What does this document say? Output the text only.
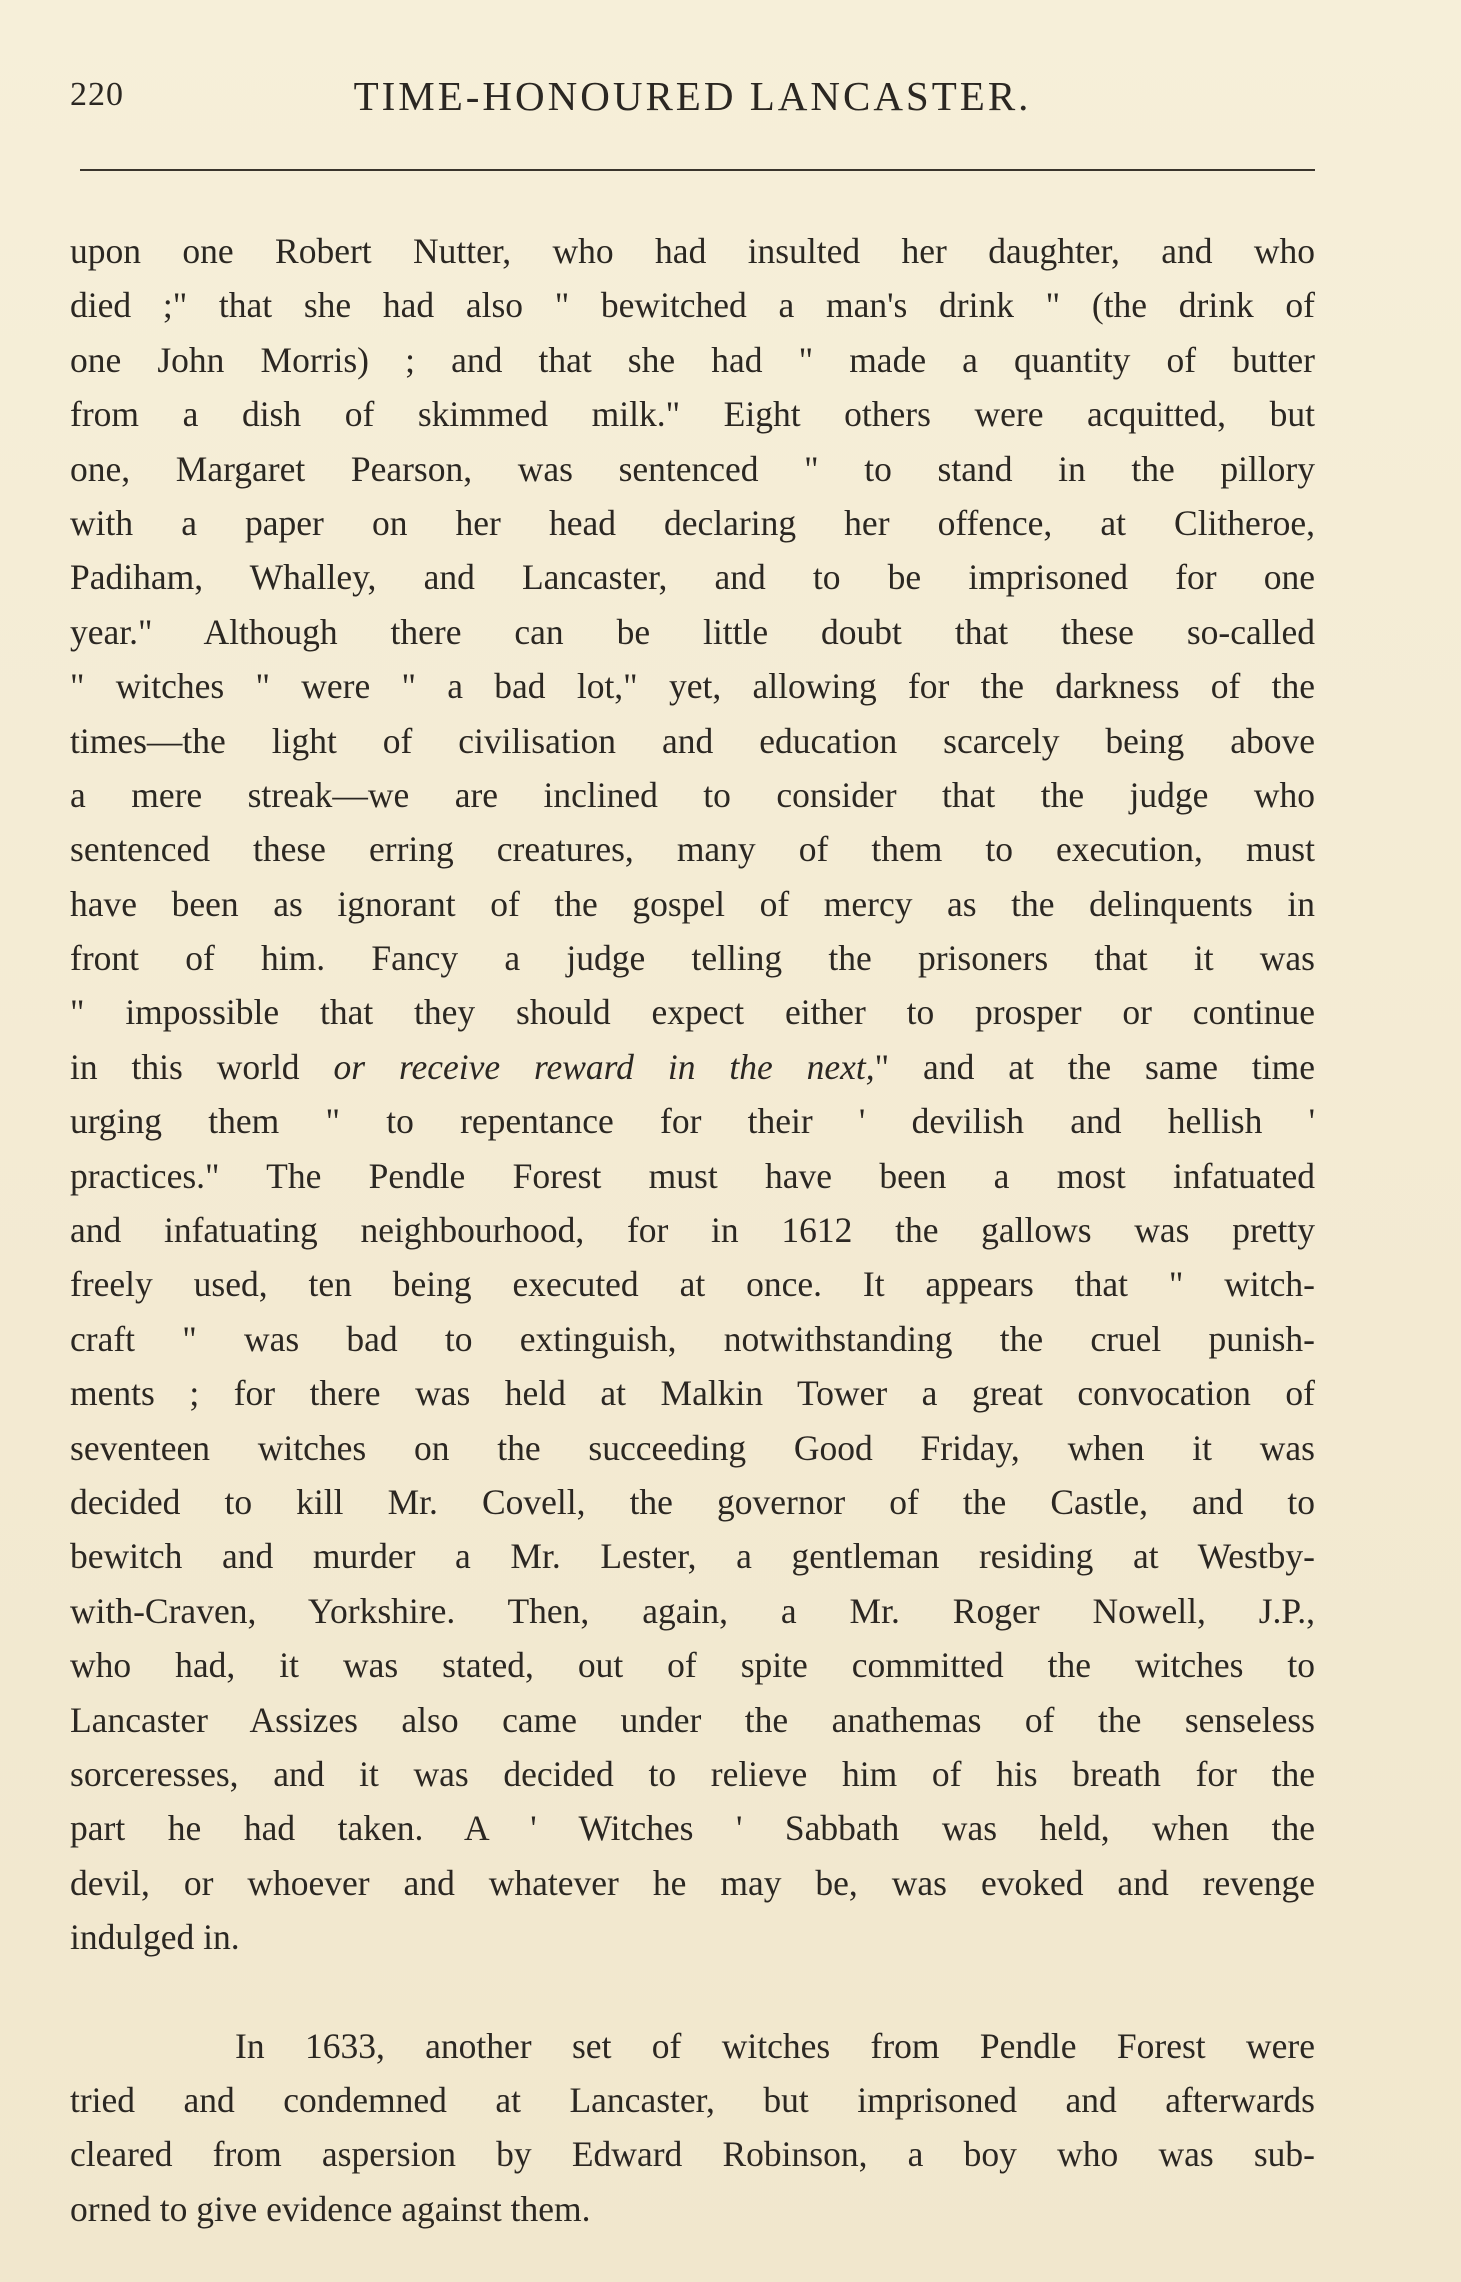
220	TIME-HONOURED LANCASTER.
upon one Robert Nutter, who had insulted her daughter, and who
died ;" that she had also " bewitched a man's drink " (the drink of
one John Morris) ; and that she had " made a quantity of butter
from a dish of skimmed milk." Eight others were acquitted, but
one, Margaret Pearson, was sentenced " to stand in the pillory
with a paper on her head declaring her offence, at Clitheroe,
Padiham, Whalley, and Lancaster, and to be imprisoned for one
year." Although there can be little doubt that these so-called
" witches " were " a bad lot," yet, allowing for the darkness of the
times—the light of civilisation and education scarcely being above
a mere streak—we are inclined to consider that the judge who
sentenced these erring creatures, many of them to execution, must
have been as ignorant of the gospel of mercy as the delinquents in
front of him. Fancy a judge telling the prisoners that it was
" impossible that they should expect either to prosper or continue
in this world or receive reward in the next," and at the same time
urging them " to repentance for their ' devilish and hellish '
practices." The Pendle Forest must have been a most infatuated
and infatuating neighbourhood, for in 1612 the gallows was pretty
freely used, ten being executed at once. It appears that " witch-
craft " was bad to extinguish, notwithstanding the cruel punish-
ments ; for there was held at Malkin Tower a great convocation of
seventeen witches on the succeeding Good Friday, when it was
decided to kill Mr. Covell, the governor of the Castle, and to
bewitch and murder a Mr. Lester, a gentleman residing at Westby-
with-Craven, Yorkshire. Then, again, a Mr. Roger Nowell, J.P.,
who had, it was stated, out of spite committed the witches to
Lancaster Assizes also came under the anathemas of the senseless
sorceresses, and it was decided to relieve him of his breath for the
part he had taken. A ' Witches ' Sabbath was held, when the
devil, or whoever and whatever he may be, was evoked and revenge
indulged in.
In 1633, another set of witches from Pendle Forest were
tried and condemned at Lancaster, but imprisoned and afterwards
cleared from aspersion by Edward Robinson, a boy who was sub-
orned to give evidence against them.
